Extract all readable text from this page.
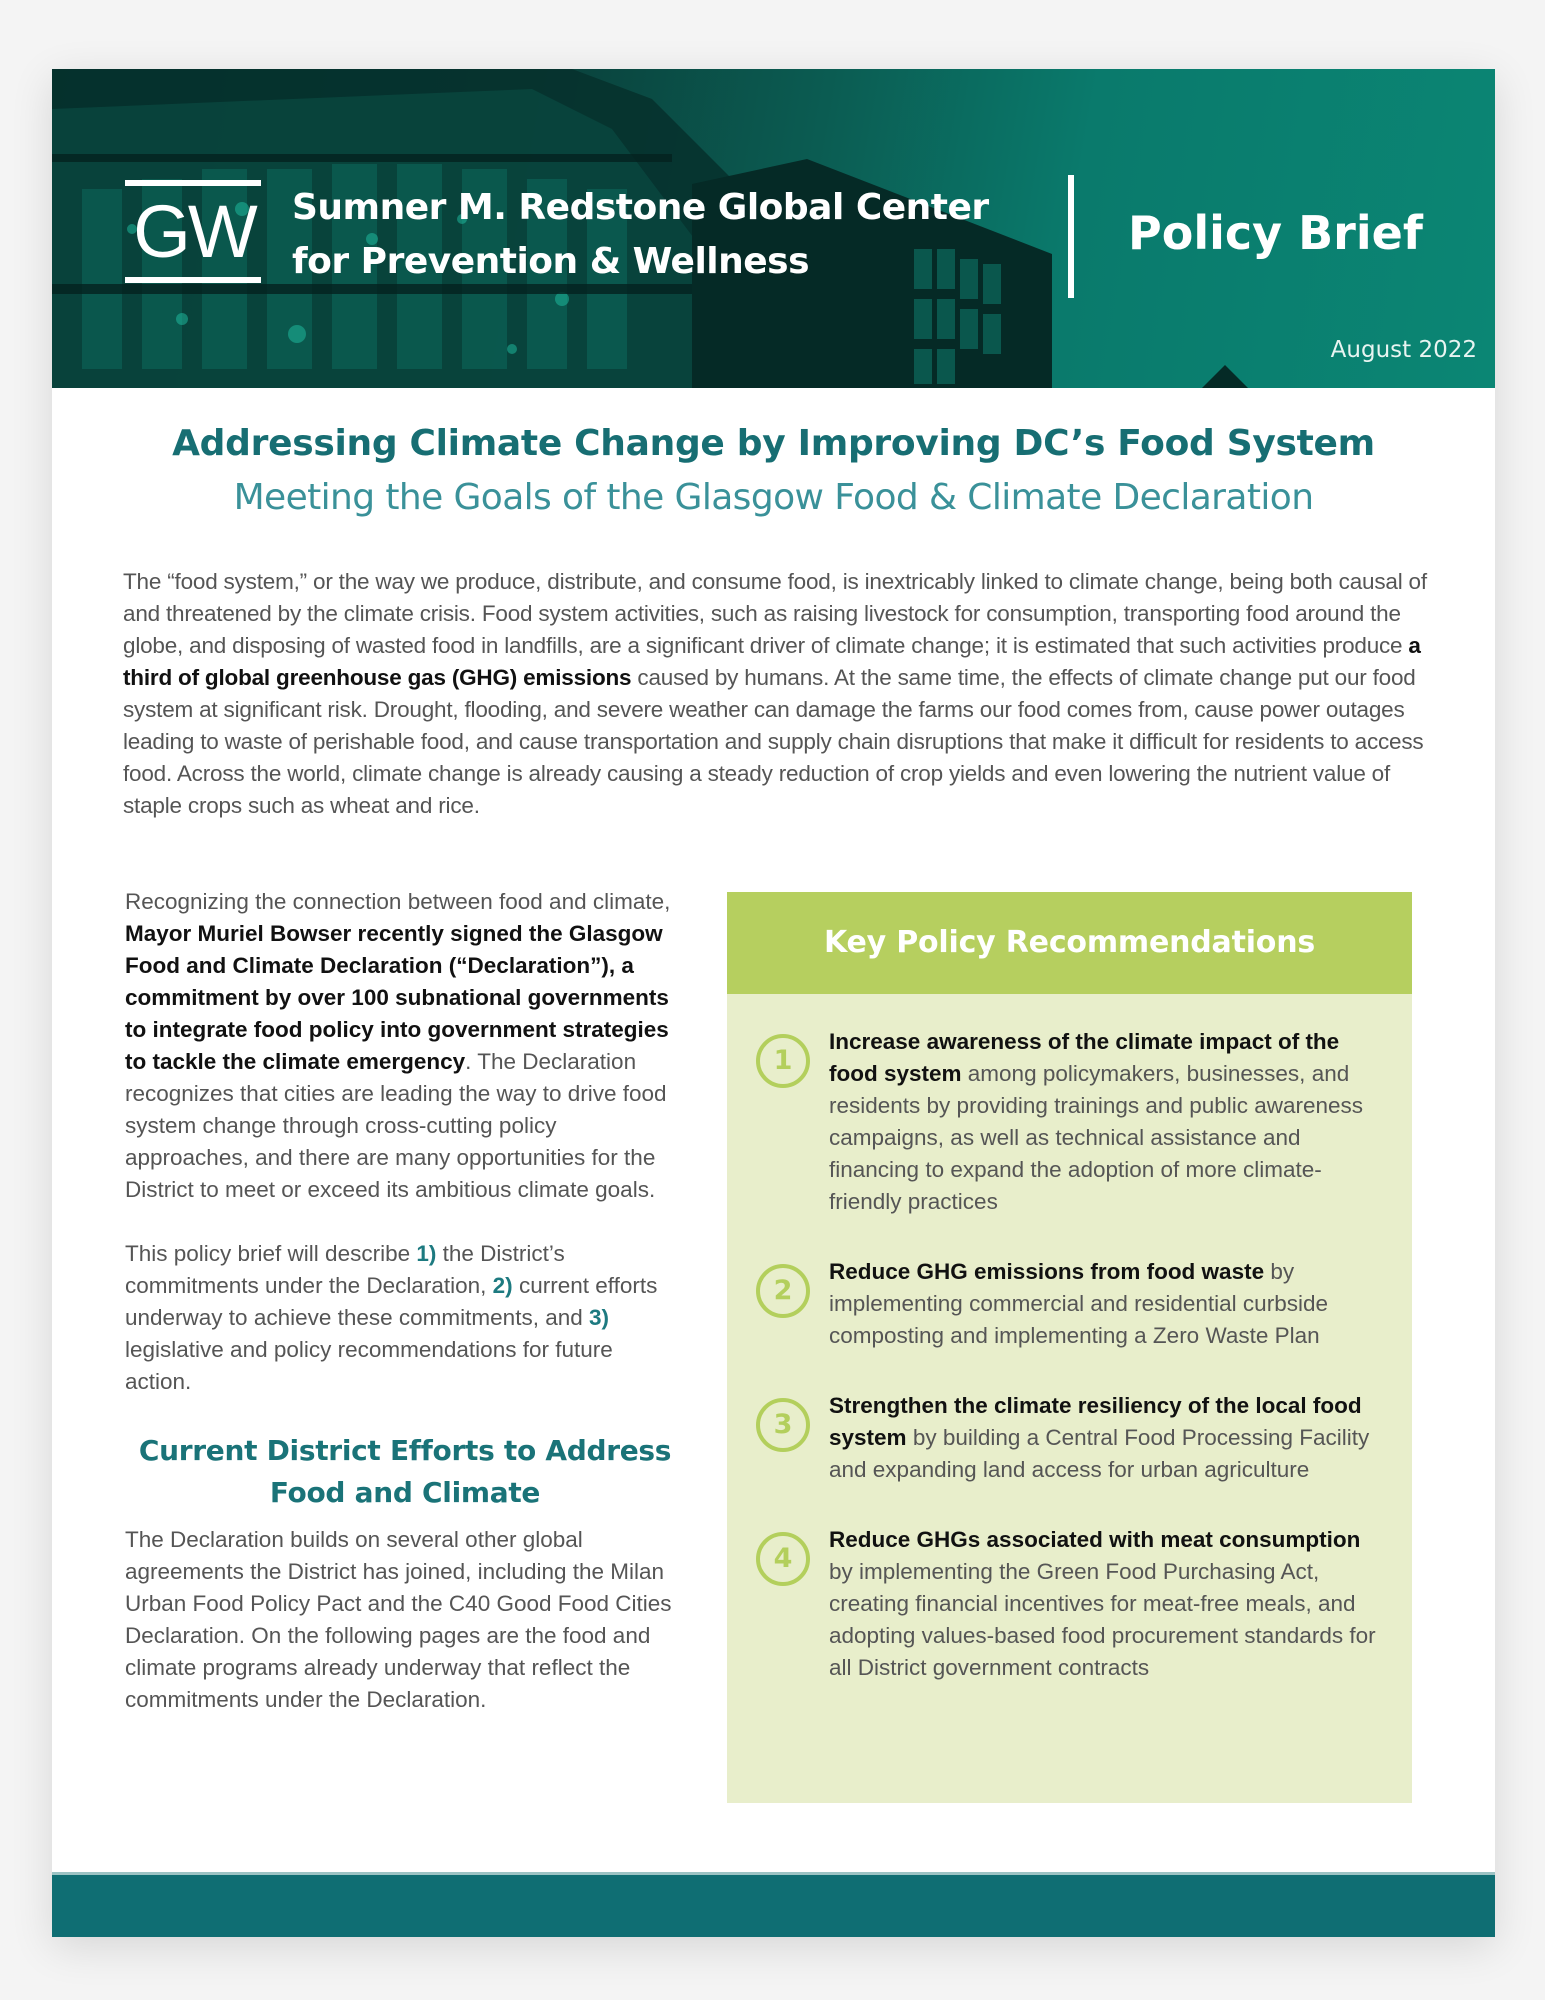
GW Sumner M. Redstone Global Center
for Prevention & Wellness
Policy Brief
August 2022
Addressing Climate Change by Improving DC’s Food System
Meeting the Goals of the Glasgow Food & Climate Declaration

The “food system,” or the way we produce, distribute, and consume food, is inextricably linked to climate change, being both causal of and threatened by the climate crisis. Food system activities, such as raising livestock for consumption, transporting food around the globe, and disposing of wasted food in landfills, are a significant driver of climate change; it is estimated that such activities produce a third of global greenhouse gas (GHG) emissions caused by humans. At the same time, the effects of climate change put our food system at significant risk. Drought, flooding, and severe weather can damage the farms our food comes from, cause power outages leading to waste of perishable food, and cause transportation and supply chain disruptions that make it difficult for residents to access food. Across the world, climate change is already causing a steady reduction of crop yields and even lowering the nutrient value of staple crops such as wheat and rice.

Recognizing the connection between food and climate, Mayor Muriel Bowser recently signed the Glasgow Food and Climate Declaration (“Declaration”), a commitment by over 100 subnational governments to integrate food policy into government strategies to tackle the climate emergency. The Declaration recognizes that cities are leading the way to drive food system change through cross-cutting policy approaches, and there are many opportunities for the District to meet or exceed its ambitious climate goals.

This policy brief will describe 1) the District’s commitments under the Declaration, 2) current efforts underway to achieve these commitments, and 3) legislative and policy recommendations for future action.

Current District Efforts to Address Food and Climate

The Declaration builds on several other global agreements the District has joined, including the Milan Urban Food Policy Pact and the C40 Good Food Cities Declaration. On the following pages are the food and climate programs already underway that reflect the commitments under the Declaration.

Key Policy Recommendations
1
Increase awareness of the climate impact of the food system among policymakers, businesses, and residents by providing trainings and public awareness campaigns, as well as technical assistance and financing to expand the adoption of more climate-friendly practices
2
Reduce GHG emissions from food waste by implementing commercial and residential curbside composting and implementing a Zero Waste Plan
3
Strengthen the climate resiliency of the local food system by building a Central Food Processing Facility and expanding land access for urban agriculture
4
Reduce GHGs associated with meat consumption by implementing the Green Food Purchasing Act, creating financial incentives for meat-free meals, and adopting values-based food procurement standards for all District government contracts
